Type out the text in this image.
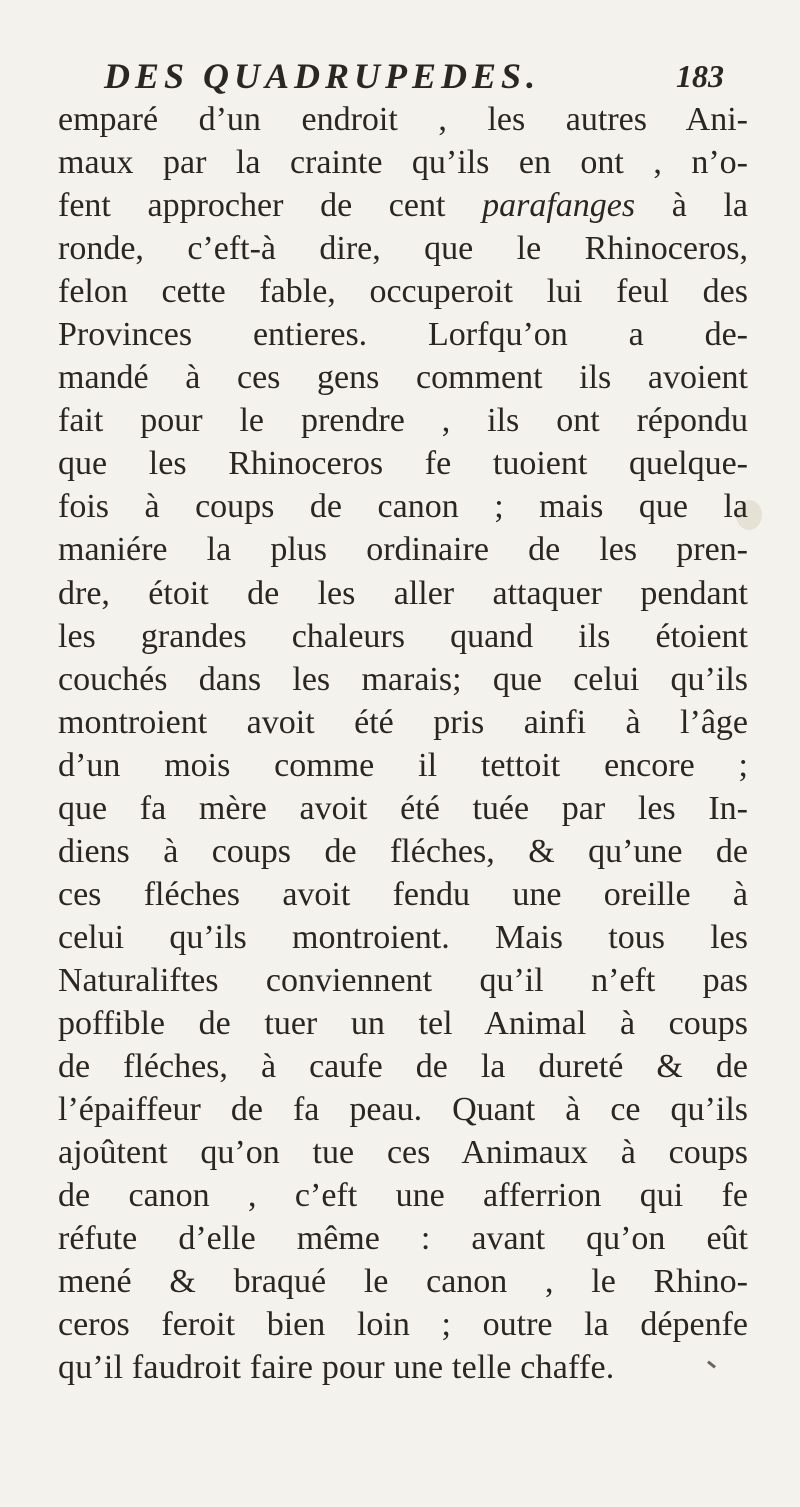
DES QUADRUPEDES.	183
emparé d’un endroit , les autres Ani-
maux par la crainte qu’ils en ont , n’o-
fent approcher de cent parafanges à la
ronde, c’eft-à dire, que le Rhinoceros,
felon cette fable, occuperoit lui feul des
Provinces entieres. Lorfqu’on a de-
mandé à ces gens comment ils avoient
fait pour le prendre , ils ont répondu
que les Rhinoceros fe tuoient quelque-
fois à coups de canon ; mais que la
maniére la plus ordinaire de les pren-
dre, étoit de les aller attaquer pendant
les grandes chaleurs quand ils étoient
couchés dans les marais; que celui qu’ils
montroient avoit été pris ainfi à l’âge
d’un mois comme il tettoit encore ;
que fa mère avoit été tuée par les In-
diens à coups de fléches, & qu’une de
ces fléches avoit fendu une oreille à
celui qu’ils montroient. Mais tous les
Naturaliftes conviennent qu’il n’eft pas
poffible de tuer un tel Animal à coups
de fléches, à caufe de la dureté & de
l’épaiffeur de fa peau. Quant à ce qu’ils
ajoûtent qu’on tue ces Animaux à coups
de canon , c’eft une afferrion qui fe
réfute d’elle même : avant qu’on eût
mené & braqué le canon , le Rhino-
ceros feroit bien loin ; outre la dépenfe
qu’il faudroit faire pour une telle chaffe.
